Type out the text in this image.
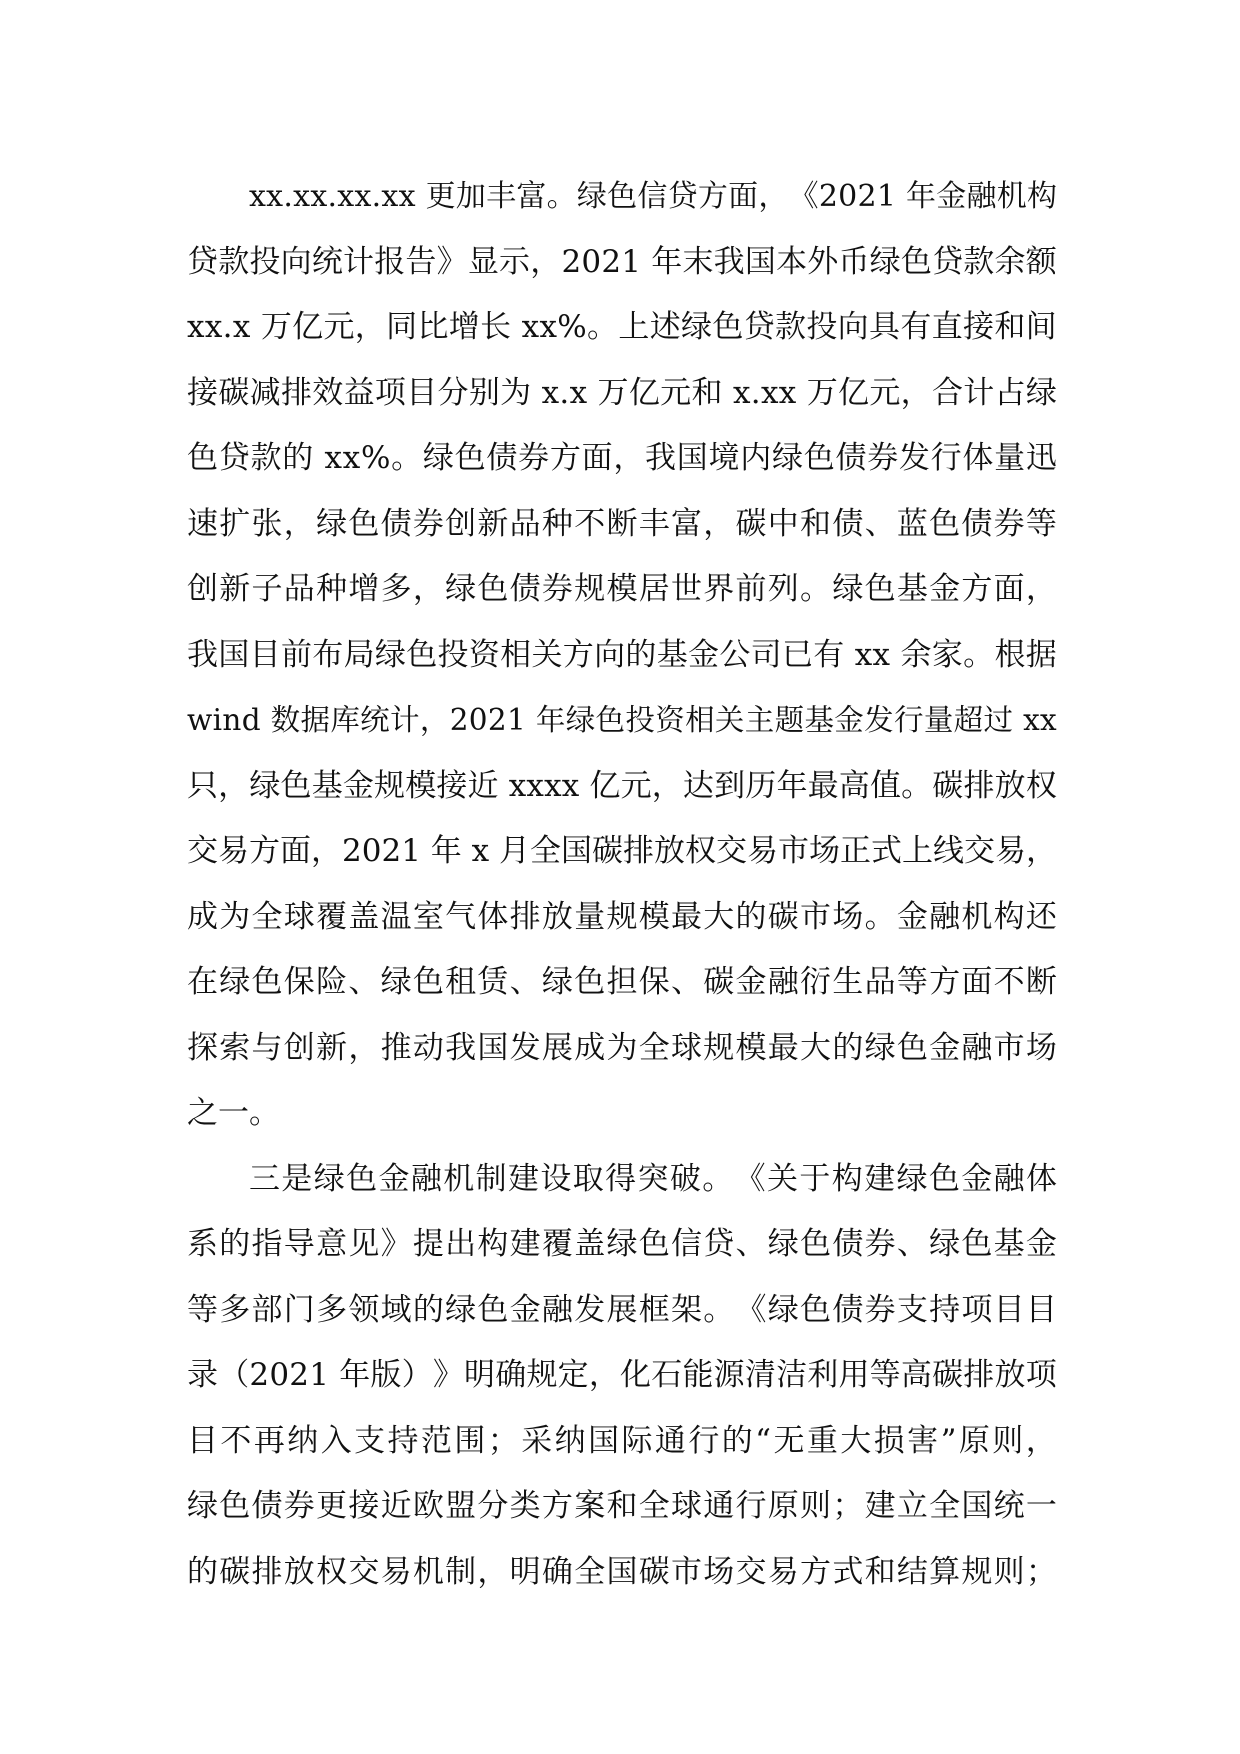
x x . x x . x x . x x
更 加 丰 富 。 绿 色 信 贷 方 面 ， 《 2 0 2 1
年 金 融 机 构
贷 款 投 向 统 计 报 告 》 显 示 ， 2 0 2 1
年 末 我 国 本 外 币 绿 色 贷 款 余 额
x x . x
万 亿 元 ， 同 比 增 长
x x % 。 上 述 绿 色 贷 款 投 向 具 有 直 接 和 间
接 碳 减 排 效 益 项 目 分 别 为
x . x
万 亿 元 和
x . x x
万 亿 元 ， 合 计 占 绿
色 贷 款 的
x x % 。 绿 色 债 券 方 面 ， 我 国 境 内 绿 色 债 券 发 行 体 量 迅
速 扩 张 ， 绿 色 债 券 创 新 品 种 不 断 丰 富 ， 碳 中 和 债 、 蓝 色 债 券 等
创 新 子 品 种 增 多 ， 绿 色 债 券 规 模 居 世 界 前 列 。 绿 色 基 金 方 面 ，
我 国 目 前 布 局 绿 色 投 资 相 关 方 向 的 基 金 公 司 已 有
x x
余 家 。 根 据
w i n d
数 据 库 统 计 ， 2 0 2 1
年 绿 色 投 资 相 关 主 题 基 金 发 行 量 超 过
x x
只 ， 绿 色 基 金 规 模 接 近
x x x x
亿 元 ， 达 到 历 年 最 高 值 。 碳 排 放 权
交 易 方 面 ， 2 0 2 1
年
x
月 全 国 碳 排 放 权 交 易 市 场 正 式 上 线 交 易 ，
成 为 全 球 覆 盖 温 室 气 体 排 放 量 规 模 最 大 的 碳 市 场 。 金 融 机 构 还
在 绿 色 保 险 、 绿 色 租 赁 、 绿 色 担 保 、 碳 金 融 衍 生 品 等 方 面 不 断
探 索 与 创 新 ， 推 动 我 国 发 展 成 为 全 球 规 模 最 大 的 绿 色 金 融 市 场
之一。
三 是 绿 色 金 融 机 制 建 设 取 得 突 破 。 《 关 于 构 建 绿 色 金 融 体
系 的 指 导 意 见 》 提 出 构 建 覆 盖 绿 色 信 贷 、 绿 色 债 券 、 绿 色 基 金
等 多 部 门 多 领 域 的 绿 色 金 融 发 展 框 架 。 《 绿 色 债 券 支 持 项 目 目
录 （ 2 0 2 1
年 版 ） 》 明 确 规 定 ， 化 石 能 源 清 洁 利 用 等 高 碳 排 放 项
目 不 再 纳 入 支 持 范 围 ； 采 纳 国 际 通 行 的 “ 无 重 大 损 害 ” 原 则 ，
绿 色 债 券 更 接 近 欧 盟 分 类 方 案 和 全 球 通 行 原 则 ； 建 立 全 国 统 一
的 碳 排 放 权 交 易 机 制 ， 明 确 全 国 碳 市 场 交 易 方 式 和 结 算 规 则 ；
